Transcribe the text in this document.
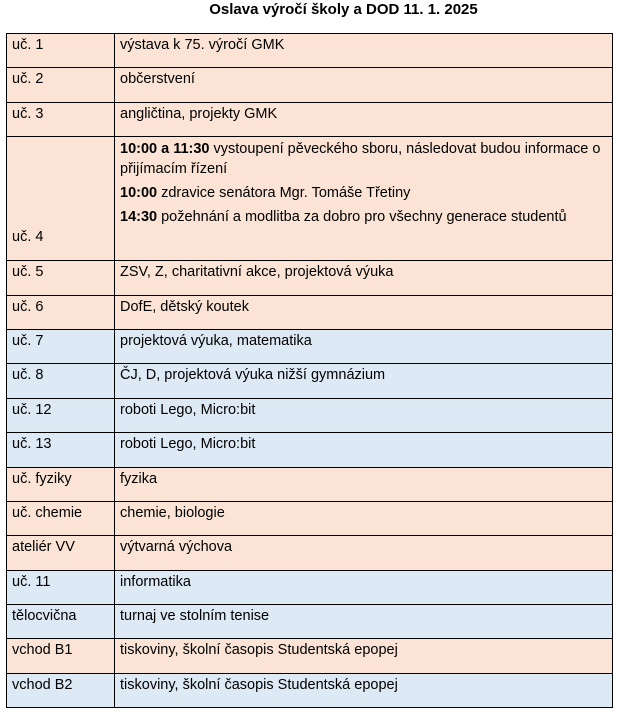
Oslava výročí školy a DOD 11. 1. 2025
uč. 1	výstava k 75. výročí GMK
uč. 2	občerstvení
uč. 3	angličtina, projekty GMK
uč. 4	10:00 a 11:30 vystoupení pěveckého sboru, následovat budou informace o přijímacím řízení
10:00 zdravice senátora Mgr. Tomáše Třetiny
14:30 požehnání a modlitba za dobro pro všechny generace studentů

uč. 5	ZSV, Z, charitativní akce, projektová výuka
uč. 6	DofE, dětský koutek
uč. 7	projektová výuka, matematika
uč. 8	ČJ, D, projektová výuka nižší gymnázium
uč. 12	roboti Lego, Micro:bit
uč. 13	roboti Lego, Micro:bit
uč. fyziky	fyzika
uč. chemie	chemie, biologie
ateliér VV	výtvarná výchova
uč. 11	informatika
tělocvična	turnaj ve stolním tenise
vchod B1	tiskoviny, školní časopis Studentská epopej
vchod B2	tiskoviny, školní časopis Studentská epopej
